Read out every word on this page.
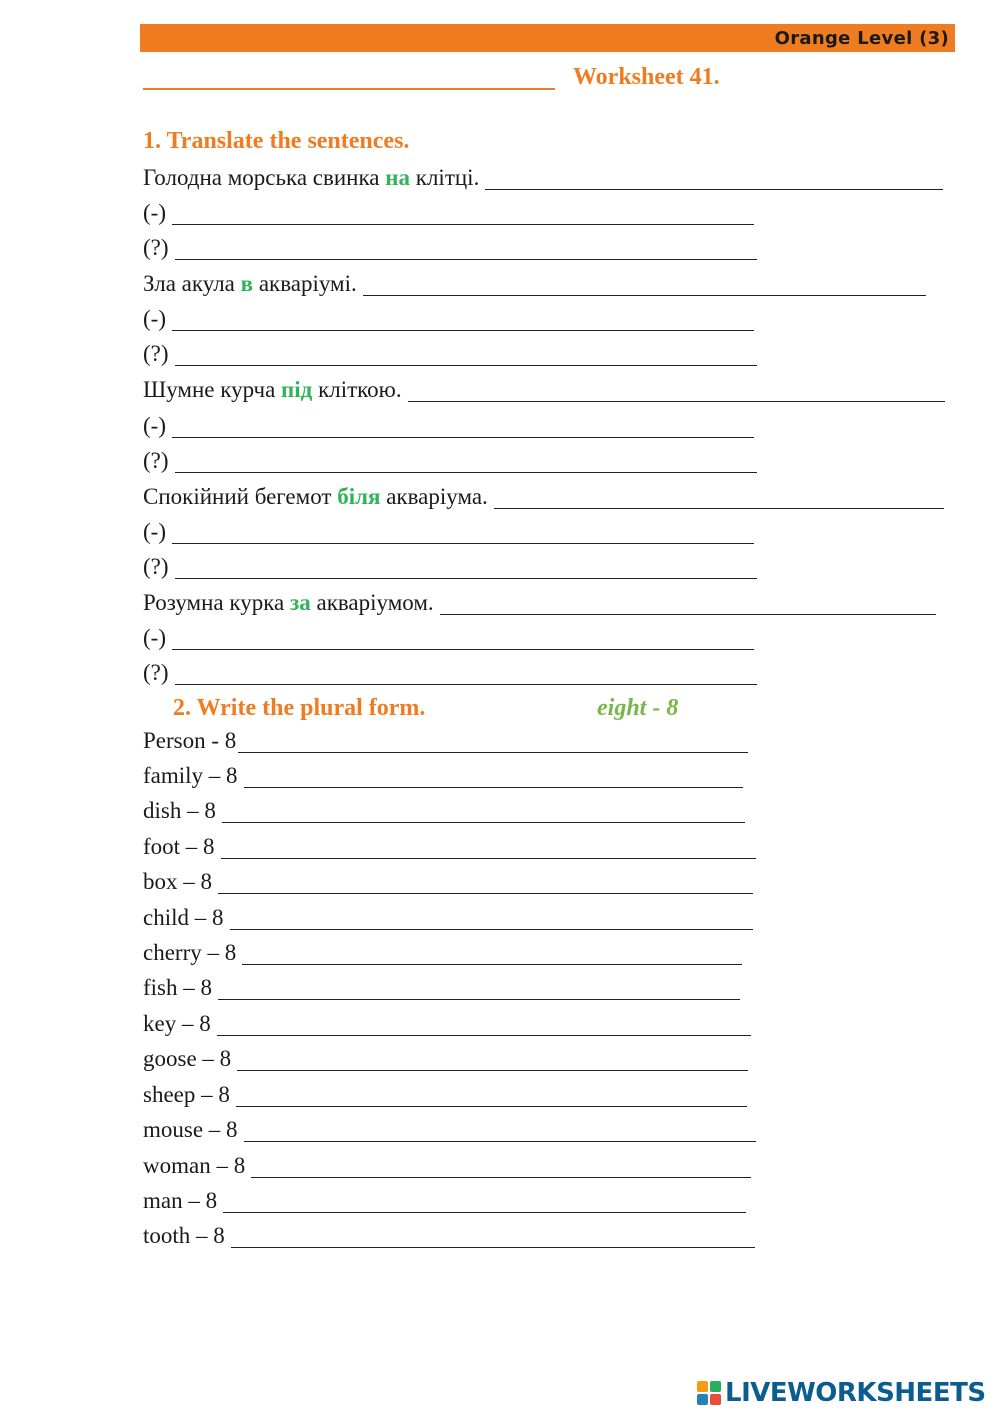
Orange Level (3)
Worksheet 41.
1. Translate the sentences.
Голодна морська свинка на клітці.
(-)
(?)
Зла акула в акваріумі.
(-)
(?)
Шумне курча під кліткою.
(-)
(?)
Спокійний бегемот біля акваріума.
(-)
(?)
Розумна курка за акваріумом.
(-)
(?)
2. Write the plural form.	eight - 8
Person - 8
family – 8
dish – 8
foot – 8
box – 8
child – 8
cherry – 8
fish – 8
key – 8
goose – 8
sheep – 8
mouse – 8
woman – 8
man – 8
tooth – 8
LIVEWORKSHEETS
